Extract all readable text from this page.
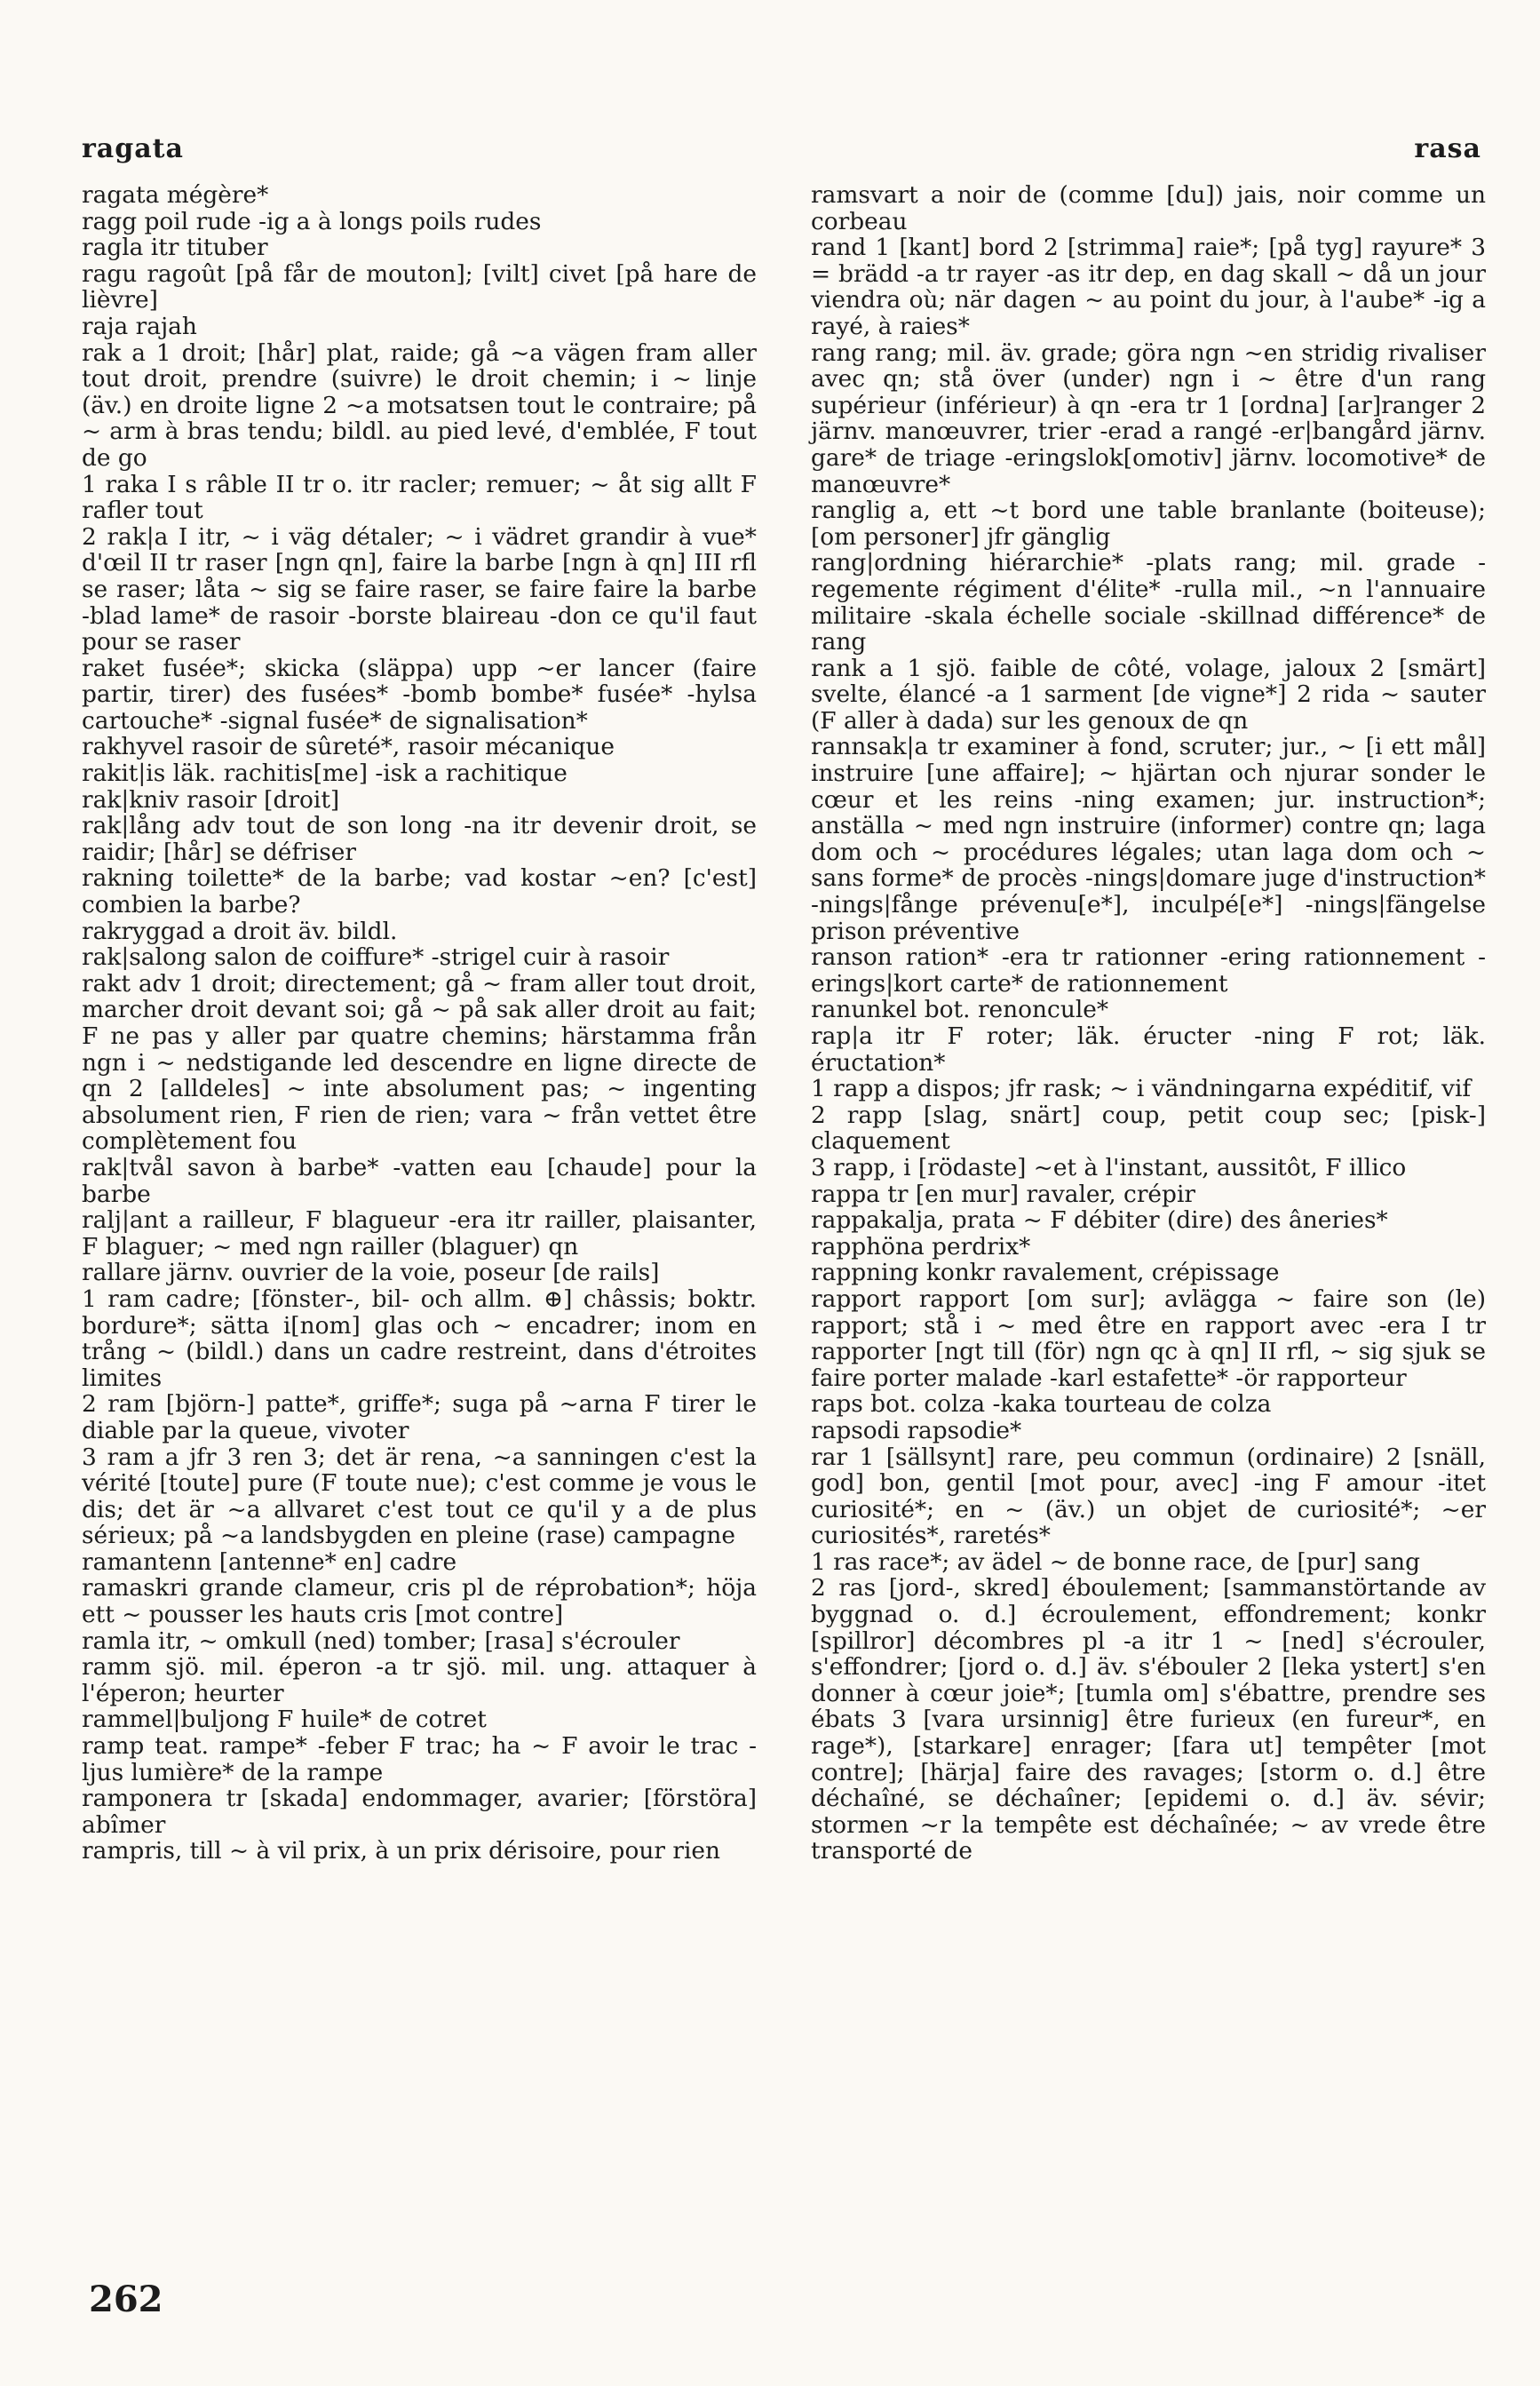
ragata	rasa

ragata mégère*

ragg poil rude -ig a à longs poils rudes

ragla itr tituber

ragu ragoût [på får de mouton]; [vilt] civet [på hare de lièvre]

raja rajah

rak a 1 droit; [hår] plat, raide; gå ~a vägen fram aller tout droit, prendre (suivre) le droit chemin; i ~ linje (äv.) en droite ligne 2 ~a motsatsen tout le contraire; på ~ arm à bras tendu; bildl. au pied levé, d'emblée, F tout de go

1 raka I s râble II tr o. itr racler; remuer; ~ åt sig allt F rafler tout

2 rak|a I itr, ~ i väg détaler; ~ i vädret grandir à vue* d'œil II tr raser [ngn qn], faire la barbe [ngn à qn] III rfl se raser; låta ~ sig se faire raser, se faire faire la barbe -blad lame* de rasoir -borste blaireau -don ce qu'il faut pour se raser

raket fusée*; skicka (släppa) upp ~er lancer (faire partir, tirer) des fusées* -bomb bombe* fusée* -hylsa cartouche* -signal fusée* de signalisation*

rakhyvel rasoir de sûreté*, rasoir mécanique

rakit|is läk. rachitis[me] -isk a rachitique

rak|kniv rasoir [droit]

rak|lång adv tout de son long -na itr devenir droit, se raidir; [hår] se défriser

rakning toilette* de la barbe; vad kostar ~en? [c'est] combien la barbe?

rakryggad a droit äv. bildl.

rak|salong salon de coiffure* -strigel cuir à rasoir

rakt adv 1 droit; directement; gå ~ fram aller tout droit, marcher droit devant soi; gå ~ på sak aller droit au fait; F ne pas y aller par quatre chemins; härstamma från ngn i ~ nedstigande led descendre en ligne directe de qn 2 [alldeles] ~ inte absolument pas; ~ ingenting absolument rien, F rien de rien; vara ~ från vettet être complètement fou

rak|tvål savon à barbe* -vatten eau [chaude] pour la barbe

ralj|ant a railleur, F blagueur -era itr railler, plaisanter, F blaguer; ~ med ngn railler (blaguer) qn

rallare järnv. ouvrier de la voie, poseur [de rails]

1 ram cadre; [fönster-, bil- och allm. ⊕] châssis; boktr. bordure*; sätta i[nom] glas och ~ encadrer; inom en trång ~ (bildl.) dans un cadre restreint, dans d'étroites limites

2 ram [björn-] patte*, griffe*; suga på ~arna F tirer le diable par la queue, vivoter

3 ram a jfr 3 ren 3; det är rena, ~a sanningen c'est la vérité [toute] pure (F toute nue); c'est comme je vous le dis; det är ~a allvaret c'est tout ce qu'il y a de plus sérieux; på ~a landsbygden en pleine (rase) campagne

ramantenn [antenne* en] cadre

ramaskri grande clameur, cris pl de réprobation*; höja ett ~ pousser les hauts cris [mot contre]

ramla itr, ~ omkull (ned) tomber; [rasa] s'écrouler

ramm sjö. mil. éperon -a tr sjö. mil. ung. attaquer à l'éperon; heurter

rammel|buljong F huile* de cotret

ramp teat. rampe* -feber F trac; ha ~ F avoir le trac -ljus lumière* de la rampe

ramponera tr [skada] endommager, avarier; [förstöra] abîmer

rampris, till ~ à vil prix, à un prix dérisoire, pour rien

ramsvart a noir de (comme [du]) jais, noir comme un corbeau

rand 1 [kant] bord 2 [strimma] raie*; [på tyg] rayure* 3 = brädd -a tr rayer -as itr dep, en dag skall ~ då un jour viendra où; när dagen ~ au point du jour, à l'aube* -ig a rayé, à raies*

rang rang; mil. äv. grade; göra ngn ~en stridig rivaliser avec qn; stå över (under) ngn i ~ être d'un rang supérieur (inférieur) à qn -era tr 1 [ordna] [ar]ranger 2 järnv. manœuvrer, trier -erad a rangé -er|bangård järnv. gare* de triage -eringslok[omotiv] järnv. locomotive* de manœuvre*

ranglig a, ett ~t bord une table branlante (boiteuse); [om personer] jfr gänglig

rang|ordning hiérarchie* -plats rang; mil. grade -regemente régiment d'élite* -rulla mil., ~n l'annuaire militaire -skala échelle sociale -skillnad différence* de rang

rank a 1 sjö. faible de côté, volage, jaloux 2 [smärt] svelte, élancé -a 1 sarment [de vigne*] 2 rida ~ sauter (F aller à dada) sur les genoux de qn

rannsak|a tr examiner à fond, scruter; jur., ~ [i ett mål] instruire [une affaire]; ~ hjärtan och njurar sonder le cœur et les reins -ning examen; jur. instruction*; anställa ~ med ngn instruire (informer) contre qn; laga dom och ~ procédures légales; utan laga dom och ~ sans forme* de procès -nings|domare juge d'instruction* -nings|fånge prévenu[e*], inculpé[e*] -nings|fängelse prison préventive

ranson ration* -era tr rationner -ering rationnement -erings|kort carte* de rationnement

ranunkel bot. renoncule*

rap|a itr F roter; läk. éructer -ning F rot; läk. éructation*

1 rapp a dispos; jfr rask; ~ i vändningarna expéditif, vif

2 rapp [slag, snärt] coup, petit coup sec; [pisk-] claquement

3 rapp, i [rödaste] ~et à l'instant, aussitôt, F illico

rappa tr [en mur] ravaler, crépir

rappakalja, prata ~ F débiter (dire) des âneries*

rapphöna perdrix*

rappning konkr ravalement, crépissage

rapport rapport [om sur]; avlägga ~ faire son (le) rapport; stå i ~ med être en rapport avec -era I tr rapporter [ngt till (för) ngn qc à qn] II rfl, ~ sig sjuk se faire porter malade -karl estafette* -ör rapporteur

raps bot. colza -kaka tourteau de colza

rapsodi rapsodie*

rar 1 [sällsynt] rare, peu commun (ordinaire) 2 [snäll, god] bon, gentil [mot pour, avec] -ing F amour -itet curiosité*; en ~ (äv.) un objet de curiosité*; ~er curiosités*, raretés*

1 ras race*; av ädel ~ de bonne race, de [pur] sang

2 ras [jord-, skred] éboulement; [sammanstörtande av byggnad o. d.] écroulement, effondrement; konkr [spillror] décombres pl -a itr 1 ~ [ned] s'écrouler, s'effondrer; [jord o. d.] äv. s'ébouler 2 [leka ystert] s'en donner à cœur joie*; [tumla om] s'ébattre, prendre ses ébats 3 [vara ursinnig] être furieux (en fureur*, en rage*), [starkare] enrager; [fara ut] tempêter [mot contre]; [härja] faire des ravages; [storm o. d.] être déchaîné, se déchaîner; [epidemi o. d.] äv. sévir; stormen ~r la tempête est déchaînée; ~ av vrede être transporté de

262
